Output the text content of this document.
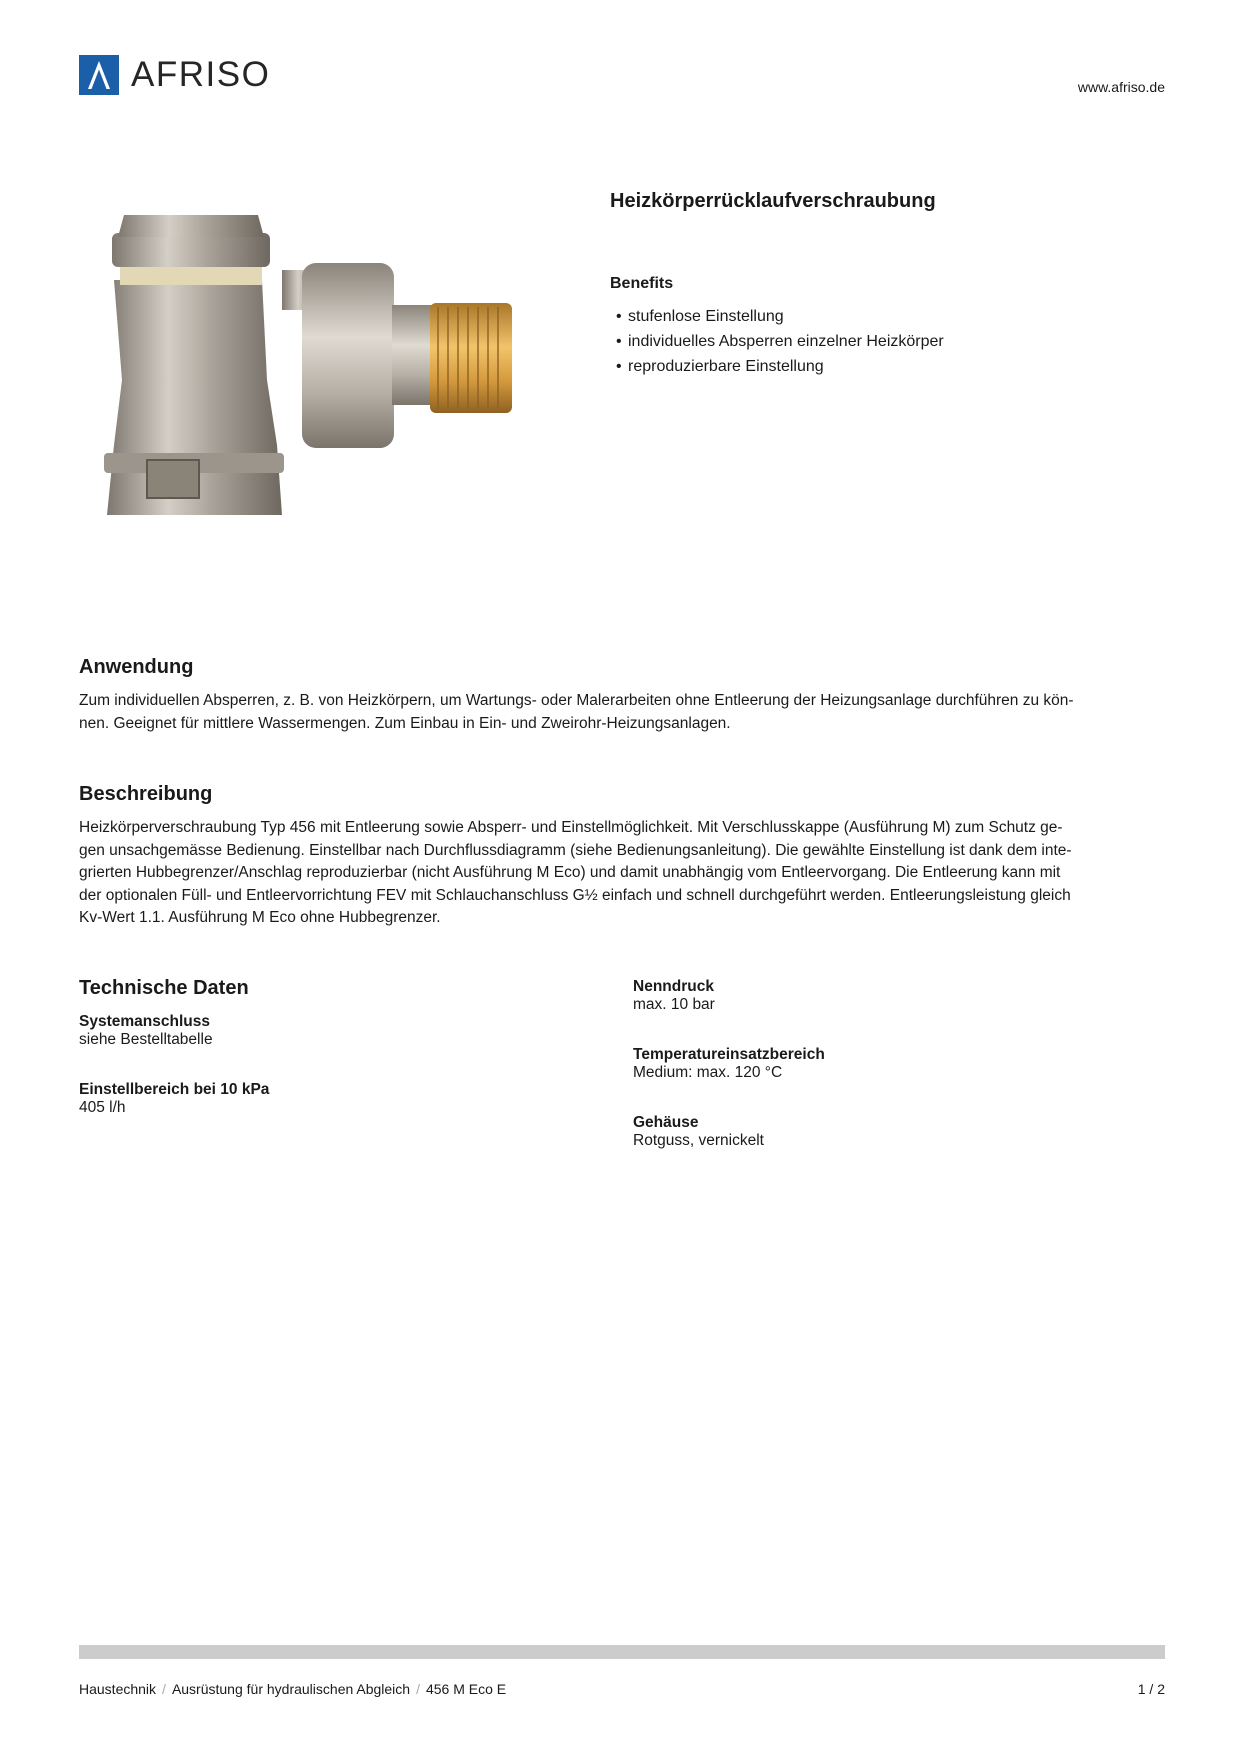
AFRISO	www.afriso.de
Heizkörperrücklaufverschraubung
Benefits
• stufenlose Einstellung
• individuelles Absperren einzelner Heizkörper
• reproduzierbare Einstellung
Anwendung
Zum individuellen Absperren, z. B. von Heizkörpern, um Wartungs- oder Malerarbeiten ohne Entleerung der Heizungsanlage durchführen zu kön-
nen. Geeignet für mittlere Wassermengen. Zum Einbau in Ein- und Zweirohr-Heizungsanlagen.
Beschreibung
Heizkörperverschraubung Typ 456 mit Entleerung sowie Absperr- und Einstellmöglichkeit. Mit Verschlusskappe (Ausführung M) zum Schutz ge-
gen unsachgemässe Bedienung. Einstellbar nach Durchflussdiagramm (siehe Bedienungsanleitung). Die gewählte Einstellung ist dank dem inte-
grierten Hubbegrenzer/Anschlag reproduzierbar (nicht Ausführung M Eco) und damit unabhängig vom Entleervorgang. Die Entleerung kann mit
der optionalen Füll- und Entleervorrichtung FEV mit Schlauchanschluss G½ einfach und schnell durchgeführt werden. Entleerungsleistung gleich
Kv-Wert 1.1. Ausführung M Eco ohne Hubbegrenzer.
Technische Daten
Systemanschluss
siehe Bestelltabelle
Einstellbereich bei 10 kPa
405 l/h
Nenndruck
max. 10 bar
Temperatureinsatzbereich
Medium: max. 120 °C
Gehäuse
Rotguss, vernickelt
Haustechnik / Ausrüstung für hydraulischen Abgleich / 456 M Eco E	1 / 2
